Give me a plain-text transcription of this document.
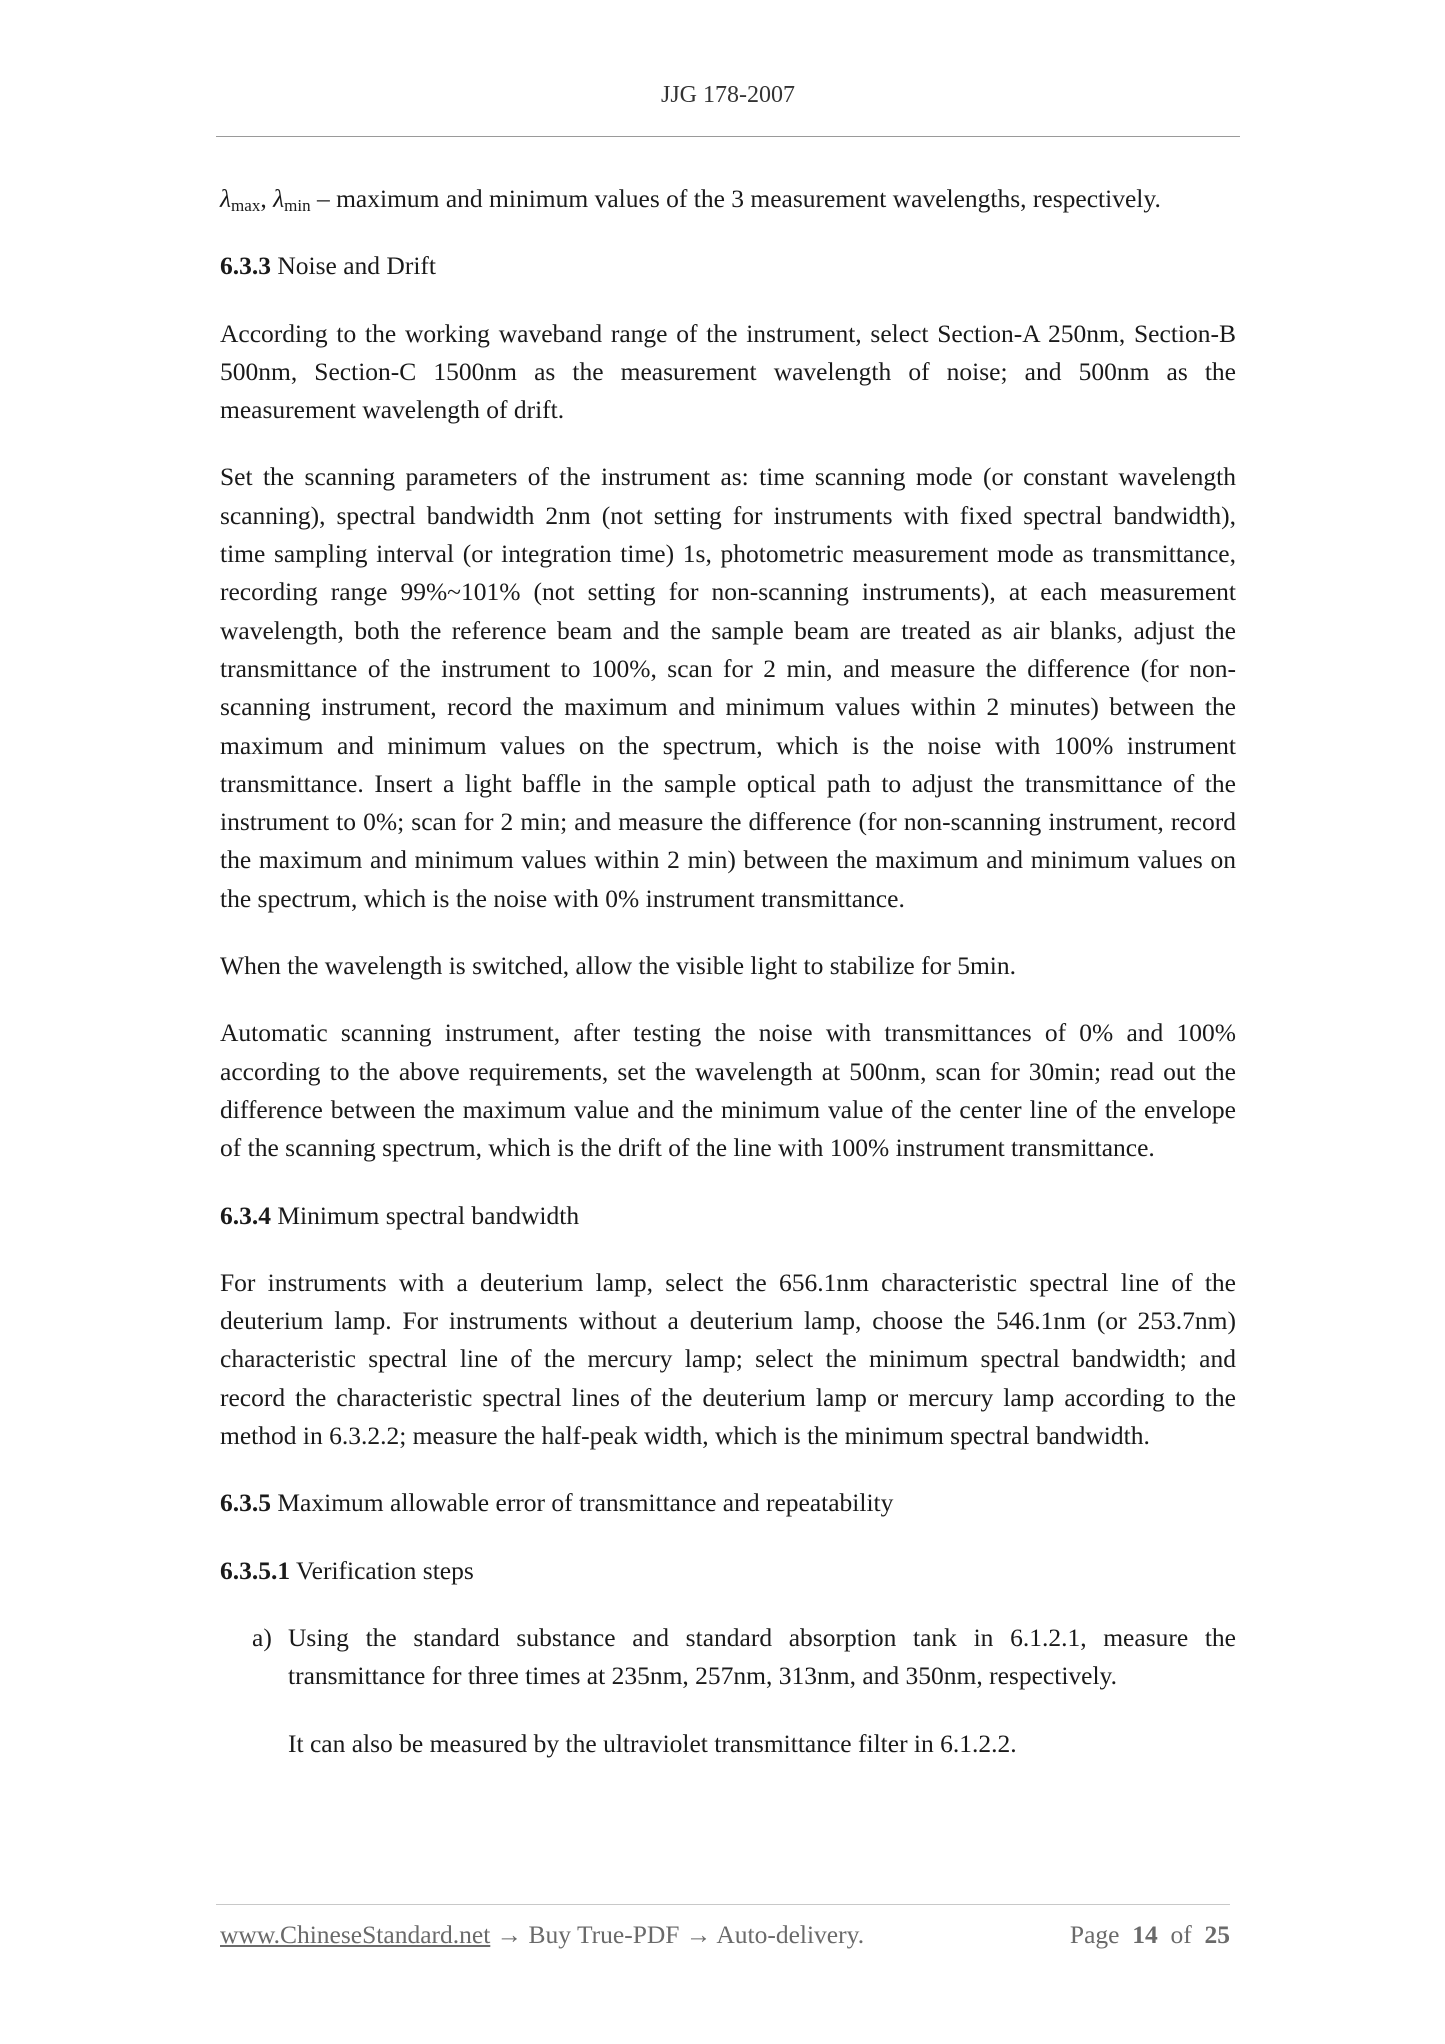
JJG 178-2007

$\lambda_{max}$, $\lambda_{min}$ – maximum and minimum values of the 3 measurement wavelengths, respectively.

6.3.3 Noise and Drift

According to the working waveband range of the instrument, select Section-A 250nm, Section-B 500nm, Section-C 1500nm as the measurement wavelength of noise; and 500nm as the measurement wavelength of drift.

Set the scanning parameters of the instrument as: time scanning mode (or constant wavelength scanning), spectral bandwidth 2nm (not setting for instruments with fixed spectral bandwidth), time sampling interval (or integration time) 1s, photometric measurement mode as transmittance, recording range 99%~101% (not setting for non-scanning instruments), at each measurement wavelength, both the reference beam and the sample beam are treated as air blanks, adjust the transmittance of the instrument to 100%, scan for 2 min, and measure the difference (for non-scanning instrument, record the maximum and minimum values within 2 minutes) between the maximum and minimum values on the spectrum, which is the noise with 100% instrument transmittance. Insert a light baffle in the sample optical path to adjust the transmittance of the instrument to 0%; scan for 2 min; and measure the difference (for non-scanning instrument, record the maximum and minimum values within 2 min) between the maximum and minimum values on the spectrum, which is the noise with 0% instrument transmittance.

When the wavelength is switched, allow the visible light to stabilize for 5min.

Automatic scanning instrument, after testing the noise with transmittances of 0% and 100% according to the above requirements, set the wavelength at 500nm, scan for 30min; read out the difference between the maximum value and the minimum value of the center line of the envelope of the scanning spectrum, which is the drift of the line with 100% instrument transmittance.

6.3.4 Minimum spectral bandwidth

For instruments with a deuterium lamp, select the 656.1nm characteristic spectral line of the deuterium lamp. For instruments without a deuterium lamp, choose the 546.1nm (or 253.7nm) characteristic spectral line of the mercury lamp; select the minimum spectral bandwidth; and record the characteristic spectral lines of the deuterium lamp or mercury lamp according to the method in 6.3.2.2; measure the half-peak width, which is the minimum spectral bandwidth.

6.3.5 Maximum allowable error of transmittance and repeatability

6.3.5.1 Verification steps

a) Using the standard substance and standard absorption tank in 6.1.2.1, measure the transmittance for three times at 235nm, 257nm, 313nm, and 350nm, respectively.

It can also be measured by the ultraviolet transmittance filter in 6.1.2.2.

www.ChineseStandard.net → Buy True-PDF → Auto-delivery.	Page 14 of 25
